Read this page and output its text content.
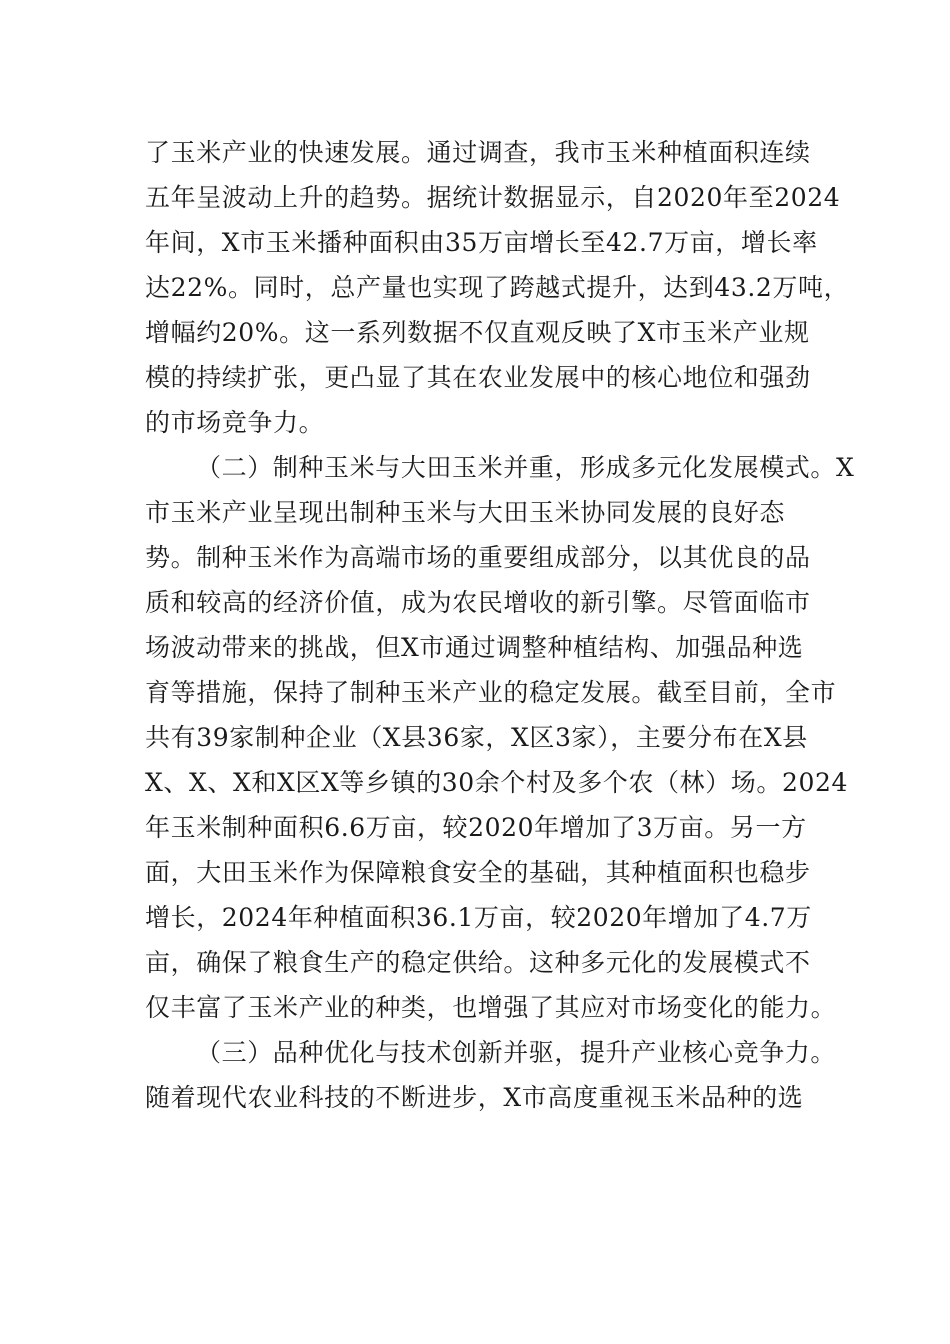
了玉米产业的快速发展。通过调查，我市玉米种植面积连续
五年呈波动上升的趋势。据统计数据显示，自2020年至2024
年间，X市玉米播种面积由35万亩增长至42.7万亩，增长率
达22%。同时，总产量也实现了跨越式提升，达到43.2万吨，
增幅约20%。这一系列数据不仅直观反映了X市玉米产业规
模的持续扩张，更凸显了其在农业发展中的核心地位和强劲
的市场竞争力。
（二）制种玉米与大田玉米并重，形成多元化发展模式。X
市玉米产业呈现出制种玉米与大田玉米协同发展的良好态
势。制种玉米作为高端市场的重要组成部分，以其优良的品
质和较高的经济价值，成为农民增收的新引擎。尽管面临市
场波动带来的挑战，但X市通过调整种植结构、加强品种选
育等措施，保持了制种玉米产业的稳定发展。截至目前，全市
共有39家制种企业（X县36家，X区3家），主要分布在X县
X、X、X和X区X等乡镇的30余个村及多个农（林）场。2024
年玉米制种面积6.6万亩，较2020年增加了3万亩。另一方
面，大田玉米作为保障粮食安全的基础，其种植面积也稳步
增长，2024年种植面积36.1万亩，较2020年增加了4.7万
亩，确保了粮食生产的稳定供给。这种多元化的发展模式不
仅丰富了玉米产业的种类，也增强了其应对市场变化的能力。
（三）品种优化与技术创新并驱，提升产业核心竞争力。
随着现代农业科技的不断进步，X市高度重视玉米品种的选
